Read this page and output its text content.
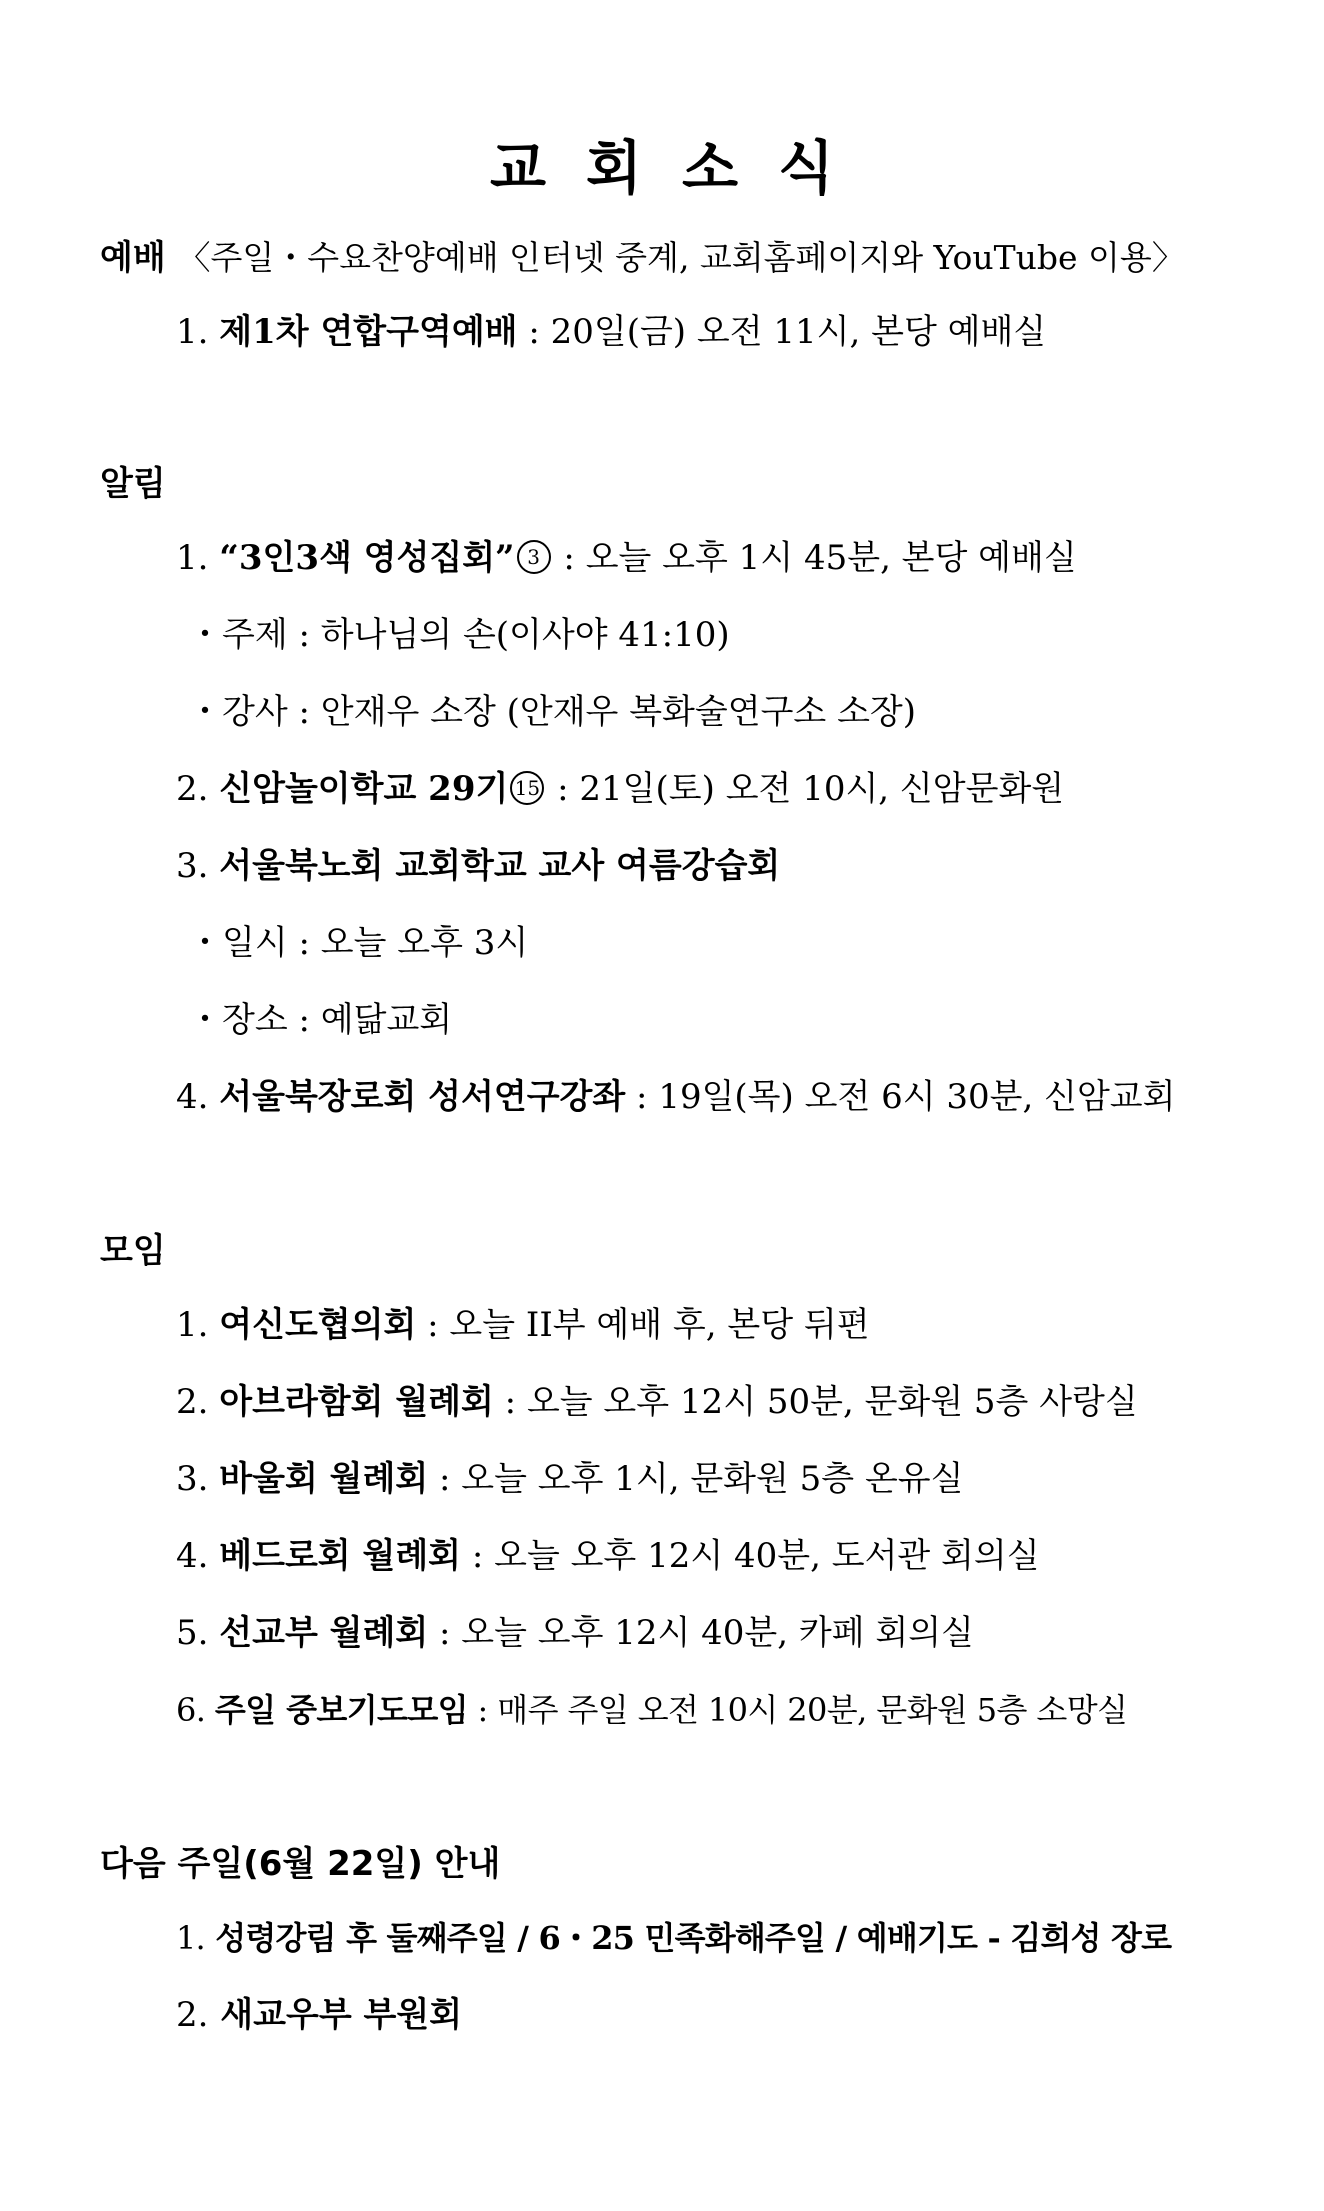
교회소식
예배 〈주일・수요찬양예배 인터넷 중계, 교회홈페이지와 YouTube 이용〉
1. 제1차 연합구역예배 : 20일(금) 오전 11시, 본당 예배실
알림
1. “3인3색 영성집회” 3 : 오늘 오후 1시 45분, 본당 예배실
・주제 : 하나님의 손(이사야 41:10)
・강사 : 안재우 소장 (안재우 복화술연구소 소장)
2. 신암놀이학교 29기 15 : 21일(토) 오전 10시, 신암문화원
3. 서울북노회 교회학교 교사 여름강습회
・일시 : 오늘 오후 3시
・장소 : 예닮교회
4. 서울북장로회 성서연구강좌 : 19일(목) 오전 6시 30분, 신암교회
모임
1. 여신도협의회 : 오늘 II부 예배 후, 본당 뒤편
2. 아브라함회 월례회 : 오늘 오후 12시 50분, 문화원 5층 사랑실
3. 바울회 월례회 : 오늘 오후 1시, 문화원 5층 온유실
4. 베드로회 월례회 : 오늘 오후 12시 40분, 도서관 회의실
5. 선교부 월례회 : 오늘 오후 12시 40분, 카페 회의실
6. 주일 중보기도모임 : 매주 주일 오전 10시 20분, 문화원 5층 소망실
다음 주일(6월 22일) 안내
1. 성령강림 후 둘째주일 / 6・25 민족화해주일 / 예배기도 - 김희성 장로
2. 새교우부 부원회
